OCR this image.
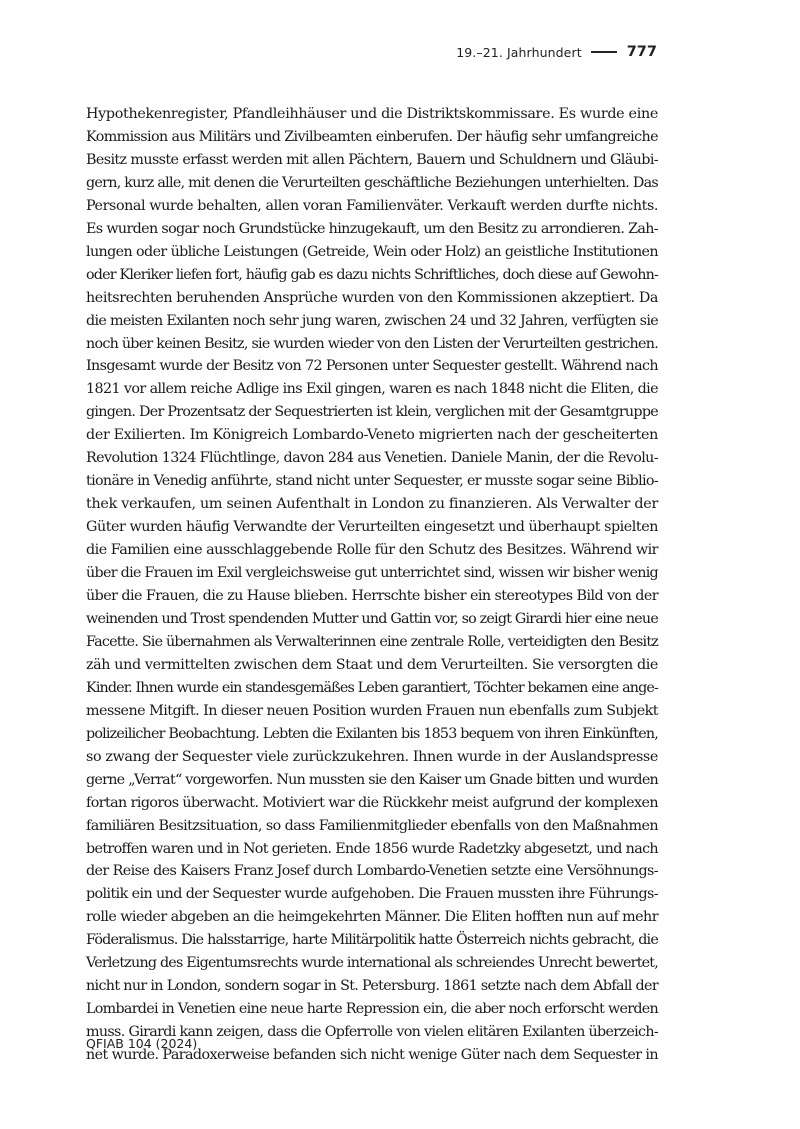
19.–21. Jahrhundert	777
Hypothekenregister, Pfandleihhäuser und die Distriktskommissare. Es wurde eine
Kommission aus Militärs und Zivilbeamten einberufen. Der häufig sehr umfangreiche
Besitz musste erfasst werden mit allen Pächtern, Bauern und Schuldnern und Gläubi-
gern, kurz alle, mit denen die Verurteilten geschäftliche Beziehungen unterhielten. Das
Personal wurde behalten, allen voran Familienväter. Verkauft werden durfte nichts.
Es wurden sogar noch Grundstücke hinzugekauft, um den Besitz zu arrondieren. Zah-
lungen oder übliche Leistungen (Getreide, Wein oder Holz) an geistliche Institutionen
oder Kleriker liefen fort, häufig gab es dazu nichts Schriftliches, doch diese auf Gewohn-
heitsrechten beruhenden Ansprüche wurden von den Kommissionen akzeptiert. Da
die meisten Exilanten noch sehr jung waren, zwischen 24 und 32 Jahren, verfügten sie
noch über keinen Besitz, sie wurden wieder von den Listen der Verurteilten gestrichen.
Insgesamt wurde der Besitz von 72 Personen unter Sequester gestellt. Während nach
1821 vor allem reiche Adlige ins Exil gingen, waren es nach 1848 nicht die Eliten, die
gingen. Der Prozentsatz der Sequestrierten ist klein, verglichen mit der Gesamtgruppe
der Exilierten. Im Königreich Lombardo-Veneto migrierten nach der gescheiterten
Revolution 1324 Flüchtlinge, davon 284 aus Venetien. Daniele Manin, der die Revolu-
tionäre in Venedig anführte, stand nicht unter Sequester, er musste sogar seine Biblio-
thek verkaufen, um seinen Aufenthalt in London zu finanzieren. Als Verwalter der
Güter wurden häufig Verwandte der Verurteilten eingesetzt und überhaupt spielten
die Familien eine ausschlaggebende Rolle für den Schutz des Besitzes. Während wir
über die Frauen im Exil vergleichsweise gut unterrichtet sind, wissen wir bisher wenig
über die Frauen, die zu Hause blieben. Herrschte bisher ein stereotypes Bild von der
weinenden und Trost spendenden Mutter und Gattin vor, so zeigt Girardi hier eine neue
Facette. Sie übernahmen als Verwalterinnen eine zentrale Rolle, verteidigten den Besitz
zäh und vermittelten zwischen dem Staat und dem Verurteilten. Sie versorgten die
Kinder. Ihnen wurde ein standesgemäßes Leben garantiert, Töchter bekamen eine ange-
messene Mitgift. In dieser neuen Position wurden Frauen nun ebenfalls zum Subjekt
polizeilicher Beobachtung. Lebten die Exilanten bis 1853 bequem von ihren Einkünften,
so zwang der Sequester viele zurückzukehren. Ihnen wurde in der Auslandspresse
gerne „Verrat“ vorgeworfen. Nun mussten sie den Kaiser um Gnade bitten und wurden
fortan rigoros überwacht. Motiviert war die Rückkehr meist aufgrund der komplexen
familiären Besitzsituation, so dass Familienmitglieder ebenfalls von den Maßnahmen
betroffen waren und in Not gerieten. Ende 1856 wurde Radetzky abgesetzt, und nach
der Reise des Kaisers Franz Josef durch Lombardo-Venetien setzte eine Versöhnungs-
politik ein und der Sequester wurde aufgehoben. Die Frauen mussten ihre Führungs-
rolle wieder abgeben an die heimgekehrten Männer. Die Eliten hofften nun auf mehr
Föderalismus. Die halsstarrige, harte Militärpolitik hatte Österreich nichts gebracht, die
Verletzung des Eigentumsrechts wurde international als schreiendes Unrecht bewertet,
nicht nur in London, sondern sogar in St. Petersburg. 1861 setzte nach dem Abfall der
Lombardei in Venetien eine neue harte Repression ein, die aber noch erforscht werden
muss. Girardi kann zeigen, dass die Opferrolle von vielen elitären Exilanten überzeich-
net wurde. Paradoxerweise befanden sich nicht wenige Güter nach dem Sequester in
QFIAB 104 (2024)
